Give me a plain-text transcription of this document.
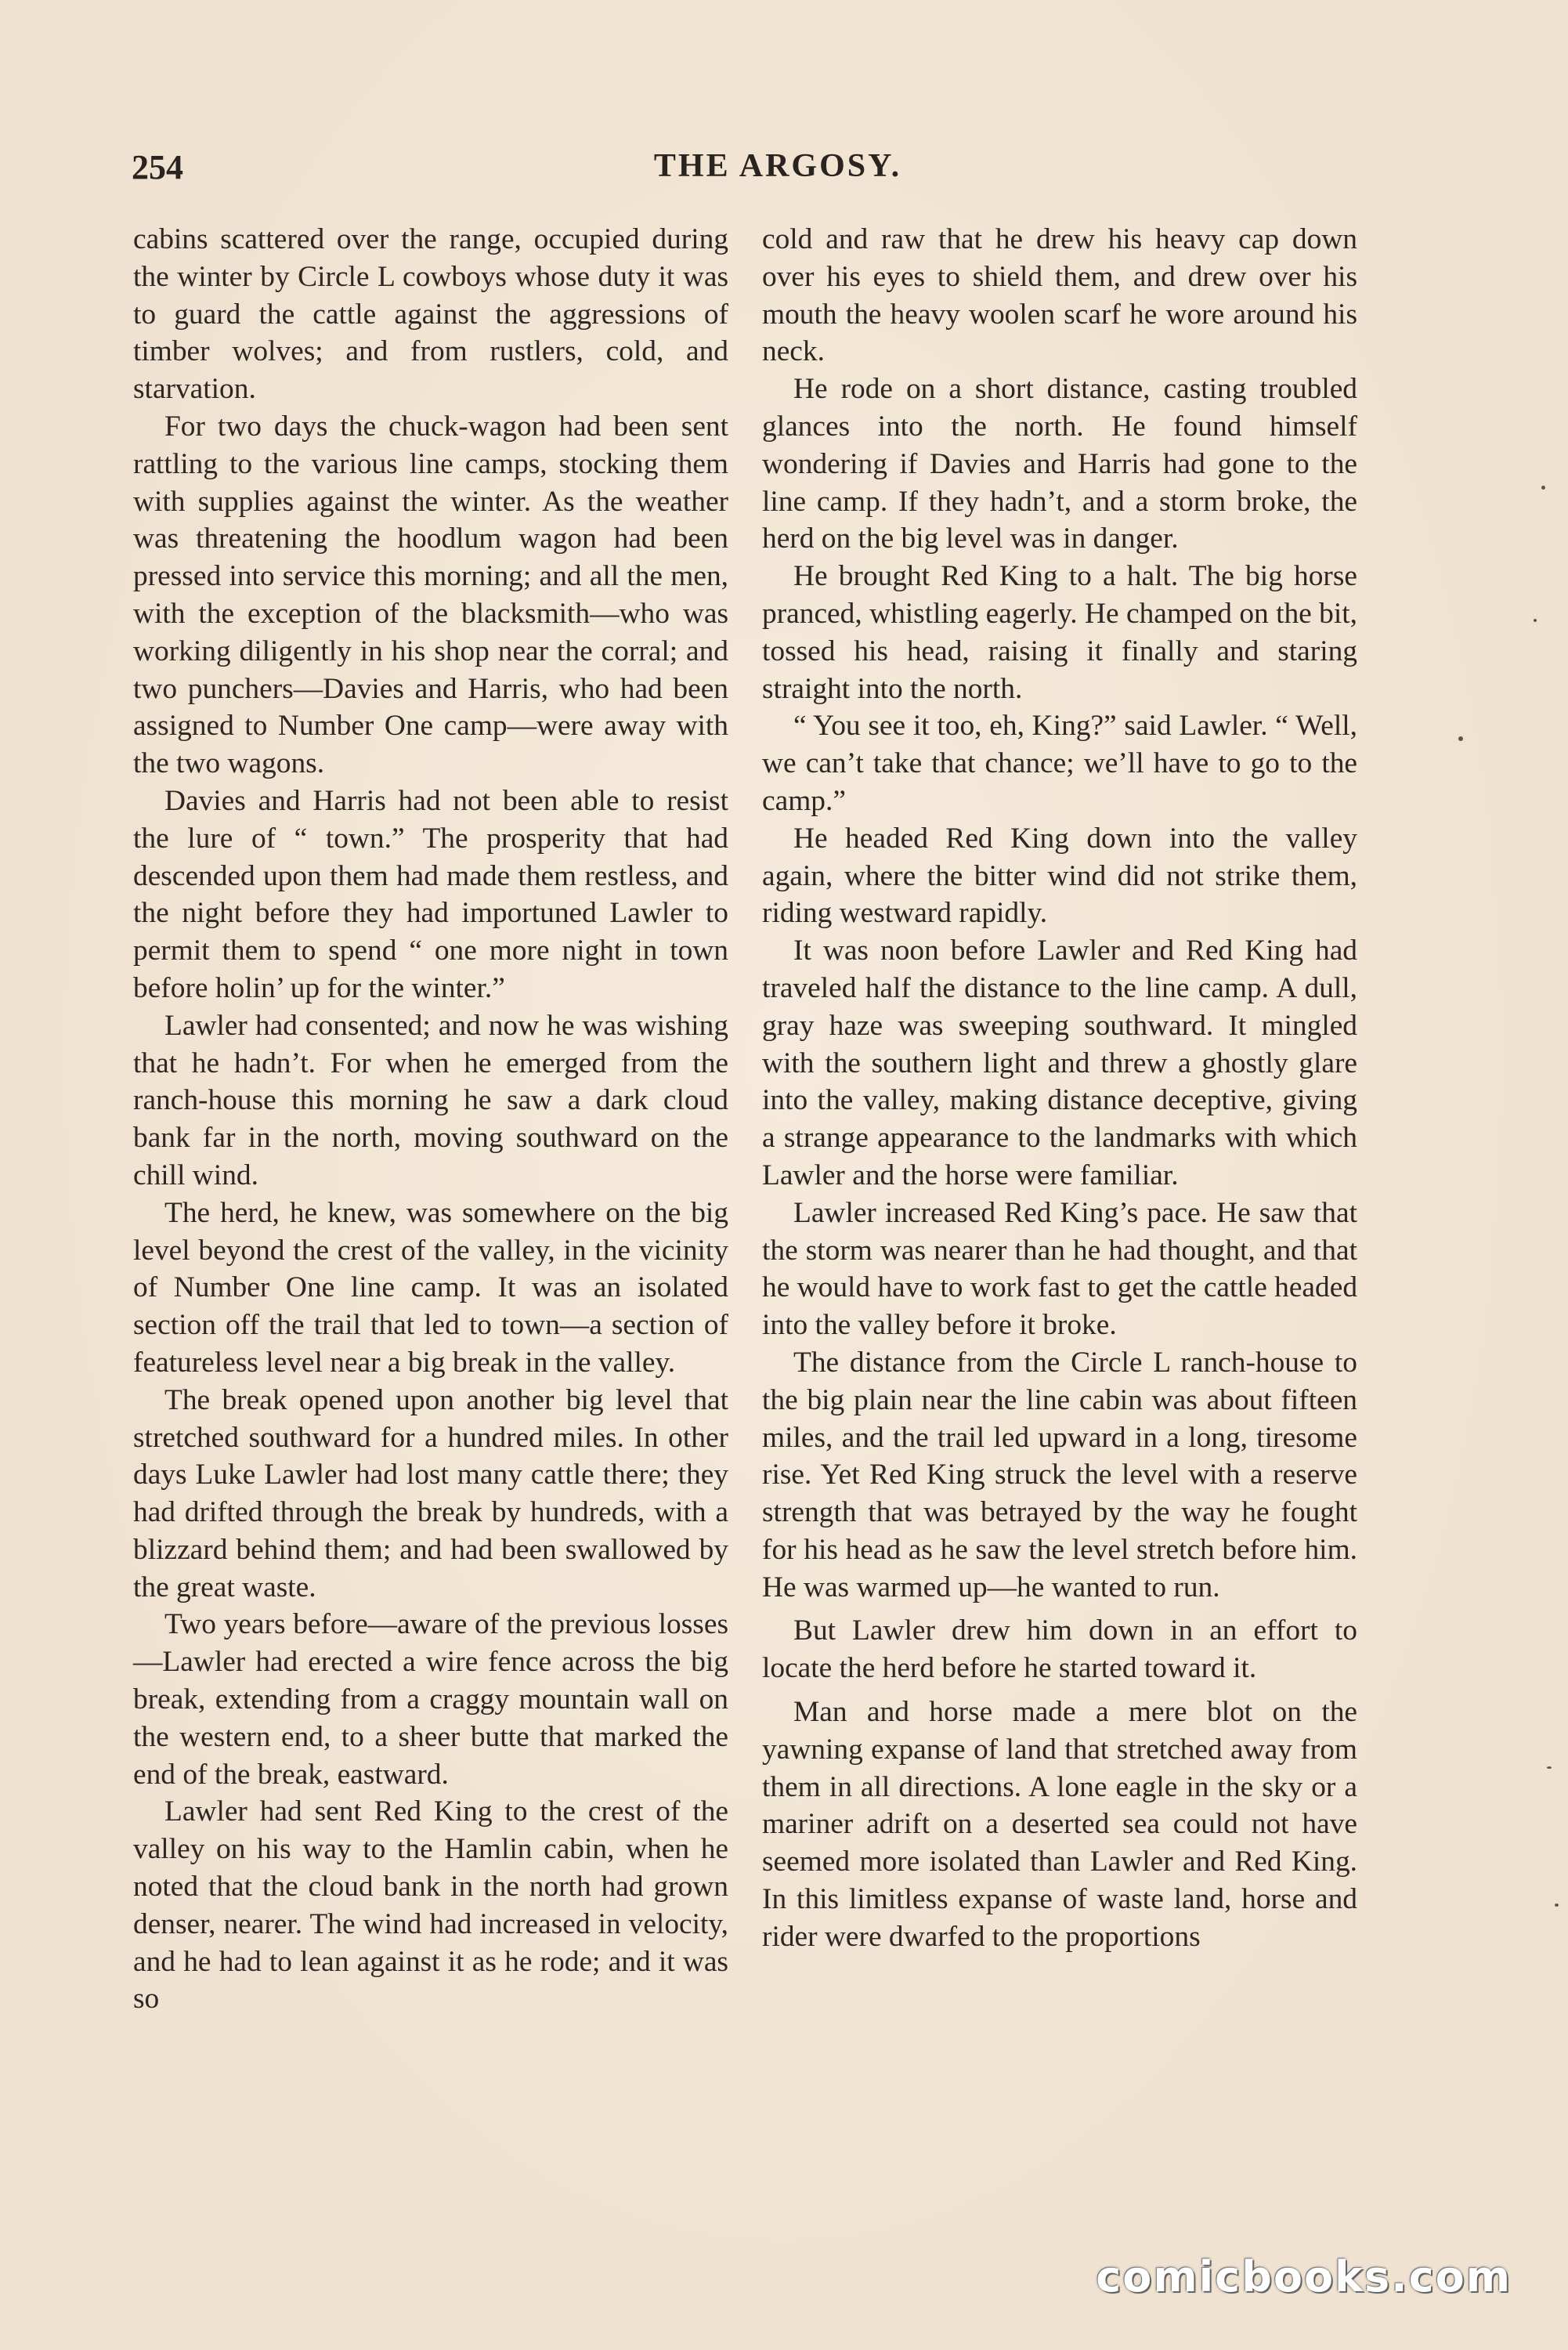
254	THE ARGOSY.

cabins scattered over the range, occupied during the winter by Circle L cowboys whose duty it was to guard the cattle against the aggressions of timber wolves; and from rustlers, cold, and starvation.

For two days the chuck-wagon had been sent rattling to the various line camps, stocking them with supplies against the winter. As the weather was threatening the hoodlum wagon had been pressed into service this morning; and all the men, with the exception of the blacksmith—who was working diligently in his shop near the corral; and two punchers—Davies and Harris, who had been assigned to Number One camp—were away with the two wagons.

Davies and Harris had not been able to resist the lure of “ town.” The prosperity that had descended upon them had made them restless, and the night before they had importuned Lawler to permit them to spend “ one more night in town before holin’ up for the winter.”

Lawler had consented; and now he was wishing that he hadn’t. For when he emerged from the ranch-house this morning he saw a dark cloud bank far in the north, moving southward on the chill wind.

The herd, he knew, was somewhere on the big level beyond the crest of the valley, in the vicinity of Number One line camp. It was an isolated section off the trail that led to town—a section of featureless level near a big break in the valley.

The break opened upon another big level that stretched southward for a hundred miles. In other days Luke Lawler had lost many cattle there; they had drifted through the break by hundreds, with a blizzard behind them; and had been swallowed by the great waste.

Two years before—aware of the previous losses—Lawler had erected a wire fence across the big break, extending from a craggy mountain wall on the western end, to a sheer butte that marked the end of the break, eastward.

Lawler had sent Red King to the crest of the valley on his way to the Hamlin cabin, when he noted that the cloud bank in the north had grown denser, nearer. The wind had increased in velocity, and he had to lean against it as he rode; and it was so

cold and raw that he drew his heavy cap down over his eyes to shield them, and drew over his mouth the heavy woolen scarf he wore around his neck.

He rode on a short distance, casting troubled glances into the north. He found himself wondering if Davies and Harris had gone to the line camp. If they hadn’t, and a storm broke, the herd on the big level was in danger.

He brought Red King to a halt. The big horse pranced, whistling eagerly. He champed on the bit, tossed his head, raising it finally and staring straight into the north.

“ You see it too, eh, King?” said Lawler. “ Well, we can’t take that chance; we’ll have to go to the camp.”

He headed Red King down into the valley again, where the bitter wind did not strike them, riding westward rapidly.

It was noon before Lawler and Red King had traveled half the distance to the line camp. A dull, gray haze was sweeping southward. It mingled with the southern light and threw a ghostly glare into the valley, making distance deceptive, giving a strange appearance to the landmarks with which Lawler and the horse were familiar.

Lawler increased Red King’s pace. He saw that the storm was nearer than he had thought, and that he would have to work fast to get the cattle headed into the valley before it broke.

The distance from the Circle L ranch-house to the big plain near the line cabin was about fifteen miles, and the trail led upward in a long, tiresome rise. Yet Red King struck the level with a reserve strength that was betrayed by the way he fought for his head as he saw the level stretch before him. He was warmed up—he wanted to run.

But Lawler drew him down in an effort to locate the herd before he started toward it.

Man and horse made a mere blot on the yawning expanse of land that stretched away from them in all directions. A lone eagle in the sky or a mariner adrift on a deserted sea could not have seemed more isolated than Lawler and Red King. In this limitless expanse of waste land, horse and rider were dwarfed to the proportions

comicbooks.com
